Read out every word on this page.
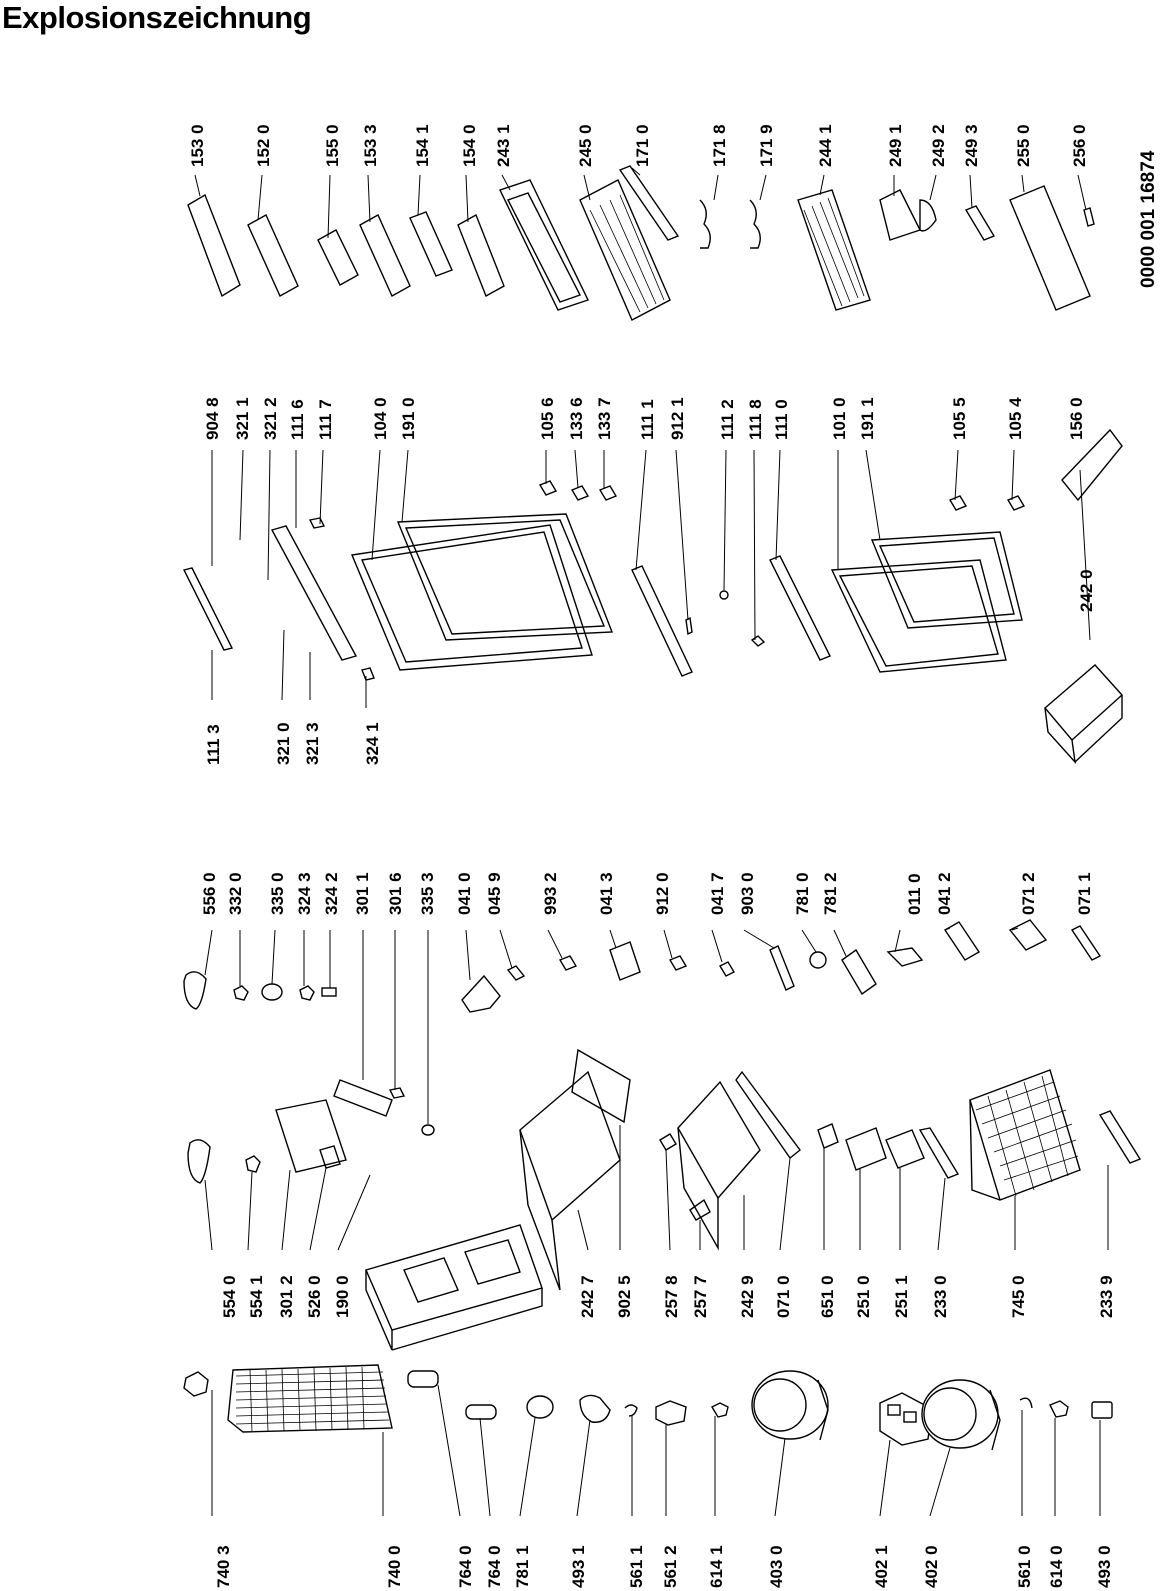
Explosionszeichnung
740 3	740 0	764 0 764 0 781 1 493 1 561 1 561 2 614 1 403 0	402 1 402 0	561 0 614 0 493 0
554 0 554 1 301 2 526 0 190 0	242 7 902 5 257 8 257 7 242 9 071 0 651 0 251 0 251 1 233 0	745 0	233 9
556 0 332 0 335 0 324 3 324 2 301 1 301 6 335 3 041 0 045 9 993 2 041 3 912 0 041 7 903 0 781 0 781 2	011 0 041 2	071 2 071 1
111 3	321 0 321 3 324 1
904 8 321 1 321 2 111 6 111 7 104 0 191 0	105 6 133 6 133 7 111 1 912 1 111 2 111 8 111 0 101 0 191 1	105 5 105 4 156 0
242 0
153 0	152 0	155 0 153 3 154 1 154 0 243 1	245 0 171 0	171 8 171 9 244 1	249 1 249 2 249 3 255 0 256 0
0000 001 16874
